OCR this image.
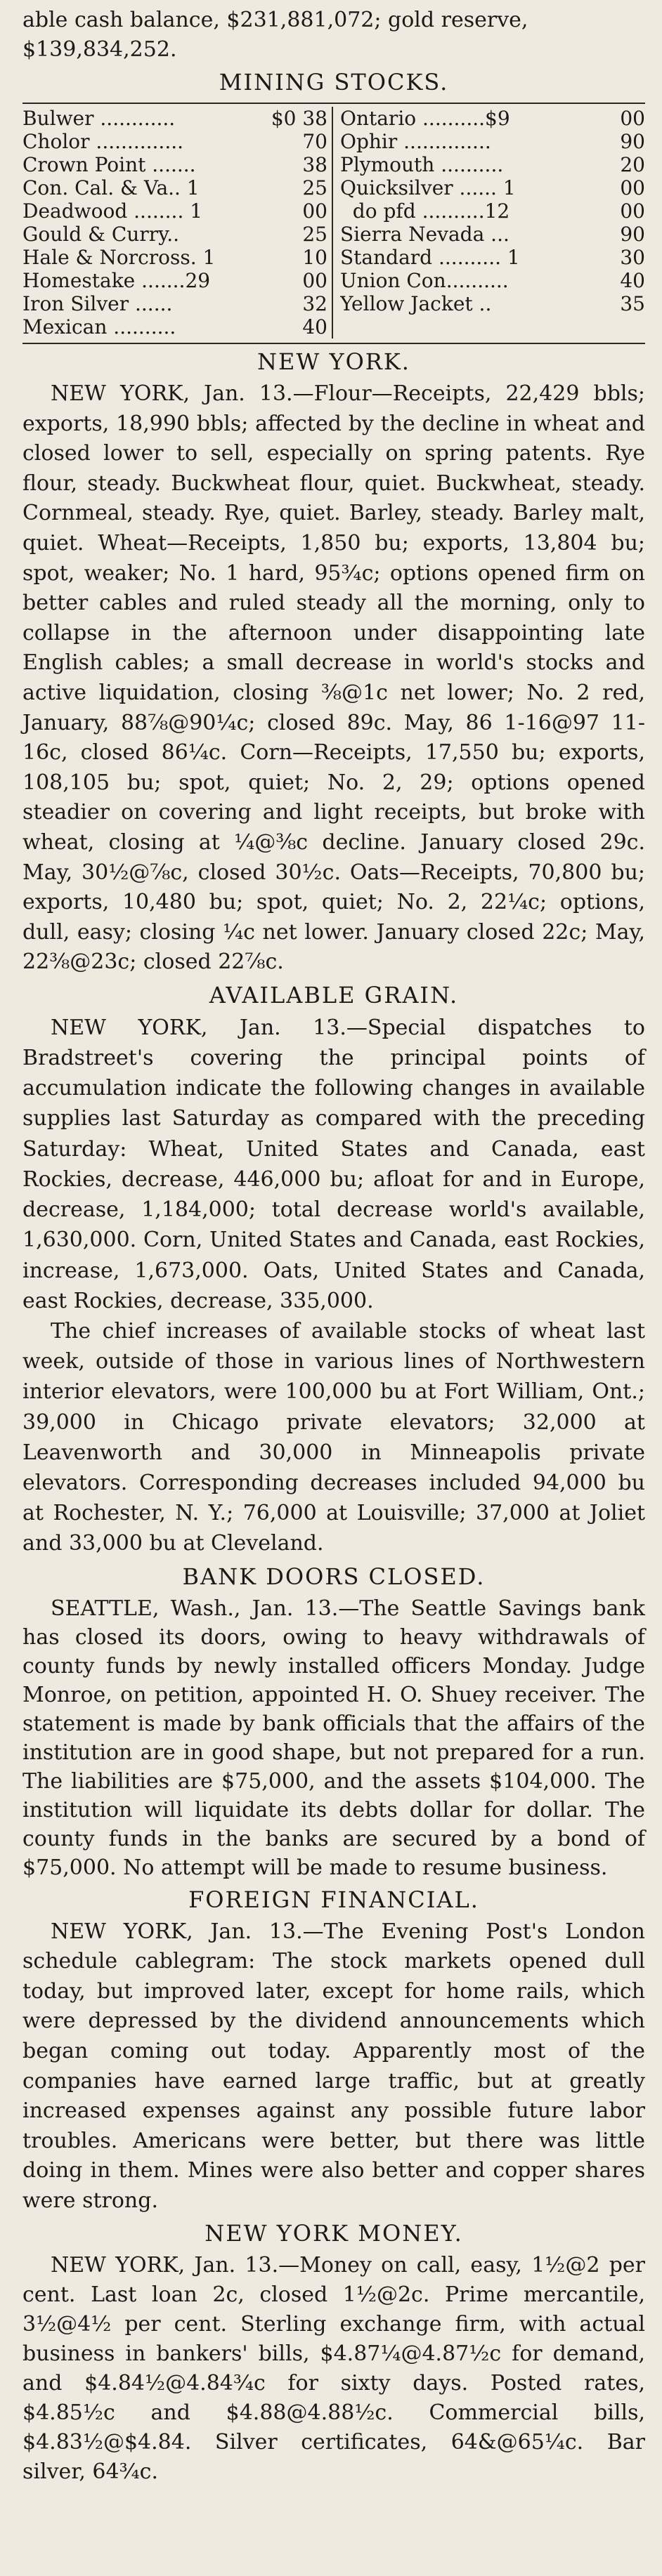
able cash balance, $231,881,072; gold reserve, $139,834,252.

MINING STOCKS.
Bulwer ............	$0 38
Cholor ..............	70
Crown Point .......	38
Con. Cal. & Va.. 1	25
Deadwood ........ 1	00
Gould & Curry..	25
Hale & Norcross. 1	10
Homestake .......29	00
Iron Silver ......	32
Mexican ..........	40
Ontario ..........$9	00
Ophir ..............	90
Plymouth ..........	20
Quicksilver ...... 1	00
do pfd ..........12	00
Sierra Nevada ...	90
Standard .......... 1	30
Union Con..........	40
Yellow Jacket ..	35
NEW YORK.

NEW YORK, Jan. 13.—Flour—Receipts, 22,429 bbls; exports, 18,990 bbls; affected by the decline in wheat and closed lower to sell, especially on spring patents. Rye flour, steady. Buckwheat flour, quiet. Buckwheat, steady. Cornmeal, steady. Rye, quiet. Barley, steady. Barley malt, quiet. Wheat—Receipts, 1,850 bu; exports, 13,804 bu; spot, weaker; No. 1 hard, 95¾c; options opened firm on better cables and ruled steady all the morning, only to collapse in the afternoon under disappointing late English cables; a small decrease in world's stocks and active liquidation, closing ⅜@1c net lower; No. 2 red, January, 88⅞@90¼c; closed 89c. May, 86 1-16@97 11-16c, closed 86¼c. Corn—Receipts, 17,550 bu; exports, 108,105 bu; spot, quiet; No. 2, 29; options opened steadier on covering and light receipts, but broke with wheat, closing at ¼@⅜c decline. January closed 29c. May, 30½@⅞c, closed 30½c. Oats—Receipts, 70,800 bu; exports, 10,480 bu; spot, quiet; No. 2, 22¼c; options, dull, easy; closing ¼c net lower. January closed 22c; May, 22⅜@23c; closed 22⅞c.

AVAILABLE GRAIN.

NEW YORK, Jan. 13.—Special dispatches to Bradstreet's covering the principal points of accumulation indicate the following changes in available supplies last Saturday as compared with the preceding Saturday: Wheat, United States and Canada, east Rockies, decrease, 446,000 bu; afloat for and in Europe, decrease, 1,184,000; total decrease world's available, 1,630,000. Corn, United States and Canada, east Rockies, increase, 1,673,000. Oats, United States and Canada, east Rockies, decrease, 335,000.

The chief increases of available stocks of wheat last week, outside of those in various lines of Northwestern interior elevators, were 100,000 bu at Fort William, Ont.; 39,000 in Chicago private elevators; 32,000 at Leavenworth and 30,000 in Minneapolis private elevators. Corresponding decreases included 94,000 bu at Rochester, N. Y.; 76,000 at Louisville; 37,000 at Joliet and 33,000 bu at Cleveland.

BANK DOORS CLOSED.

SEATTLE, Wash., Jan. 13.—The Seattle Savings bank has closed its doors, owing to heavy withdrawals of county funds by newly installed officers Monday. Judge Monroe, on petition, appointed H. O. Shuey receiver. The statement is made by bank officials that the affairs of the institution are in good shape, but not prepared for a run. The liabilities are $75,000, and the assets $104,000. The institution will liquidate its debts dollar for dollar. The county funds in the banks are secured by a bond of $75,000. No attempt will be made to resume business.

FOREIGN FINANCIAL.

NEW YORK, Jan. 13.—The Evening Post's London schedule cablegram: The stock markets opened dull today, but improved later, except for home rails, which were depressed by the dividend announcements which began coming out today. Apparently most of the companies have earned large traffic, but at greatly increased expenses against any possible future labor troubles. Americans were better, but there was little doing in them. Mines were also better and copper shares were strong.

NEW YORK MONEY.

NEW YORK, Jan. 13.—Money on call, easy, 1½@2 per cent. Last loan 2c, closed 1½@2c. Prime mercantile, 3½@4½ per cent. Sterling exchange firm, with actual business in bankers' bills, $4.87¼@4.87½c for demand, and $4.84½@4.84¾c for sixty days. Posted rates, $4.85½c and $4.88@4.88½c. Commercial bills, $4.83½@$4.84. Silver certificates, 64&@65¼c. Bar silver, 64¾c.
